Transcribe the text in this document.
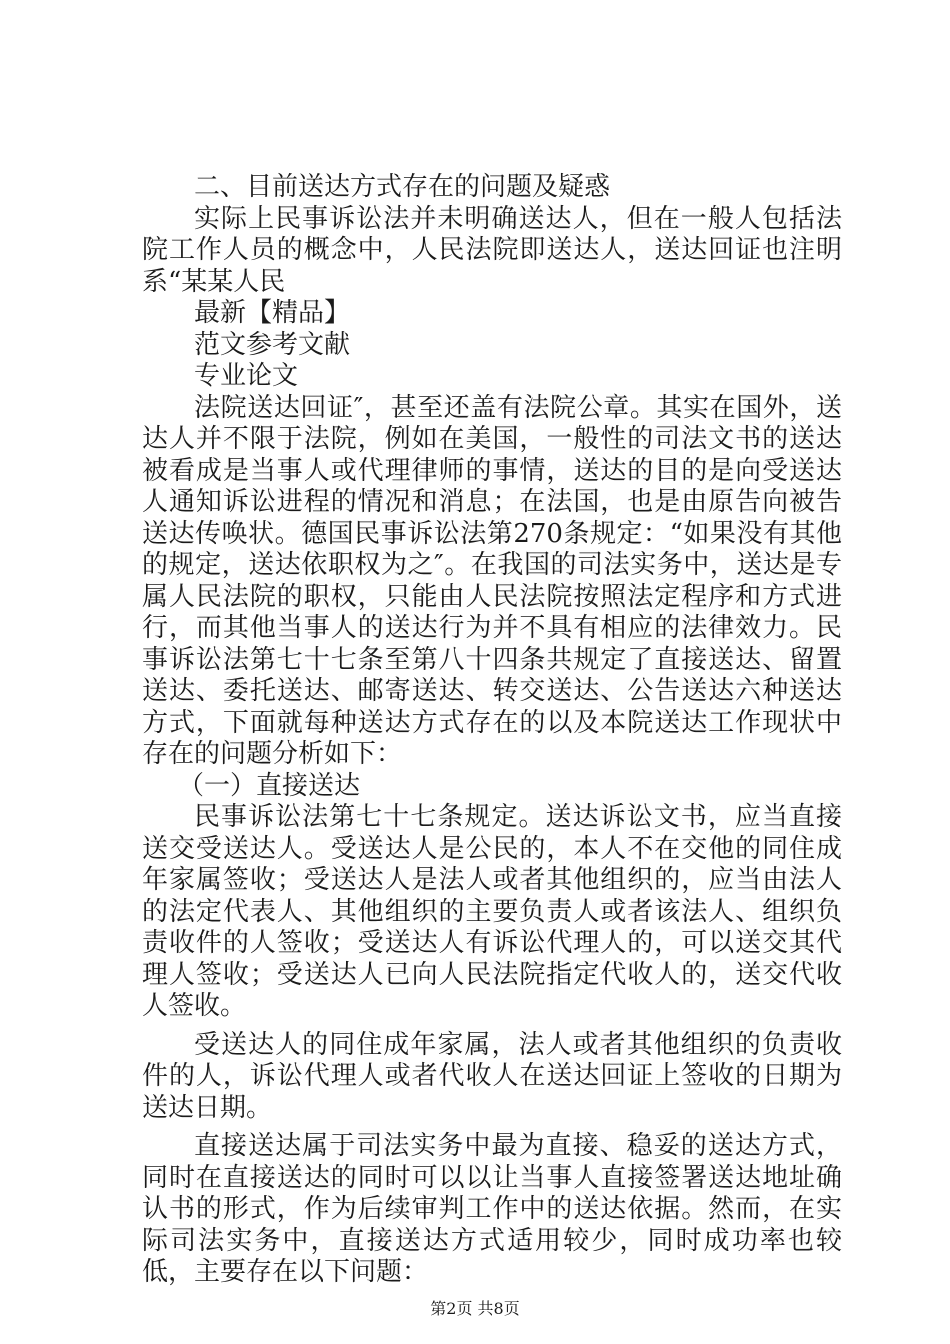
二、目前送达方式存在的问题及疑惑

实际上民事诉讼法并未明确送达人，但在一般人包括法院工作人员的概念中，人民法院即送达人，送达回证也注明系“某某人民

最新【精品】

范文参考文献

专业论文

法院送达回证″，甚至还盖有法院公章。其实在国外，送达人并不限于法院，例如在美国，一般性的司法文书的送达被看成是当事人或代理律师的事情，送达的目的是向受送达人通知诉讼进程的情况和消息；在法国，也是由原告向被告送达传唤状。德国民事诉讼法第270条规定：“如果没有其他的规定，送达依职权为之″。在我国的司法实务中，送达是专属人民法院的职权，只能由人民法院按照法定程序和方式进行，而其他当事人的送达行为并不具有相应的法律效力。民事诉讼法第七十七条至第八十四条共规定了直接送达、留置送达、委托送达、邮寄送达、转交送达、公告送达六种送达方式，下面就每种送达方式存在的以及本院送达工作现状中存在的问题分析如下：

（一）直接送达

民事诉讼法第七十七条规定。送达诉讼文书，应当直接送交受送达人。受送达人是公民的，本人不在交他的同住成年家属签收；受送达人是法人或者其他组织的，应当由法人的法定代表人、其他组织的主要负责人或者该法人、组织负责收件的人签收；受送达人有诉讼代理人的，可以送交其代理人签收；受送达人已向人民法院指定代收人的，送交代收人签收。

受送达人的同住成年家属，法人或者其他组织的负责收件的人，诉讼代理人或者代收人在送达回证上签收的日期为送达日期。

直接送达属于司法实务中最为直接、稳妥的送达方式，同时在直接送达的同时可以以让当事人直接签署送达地址确认书的形式，作为后续审判工作中的送达依据。然而，在实际司法实务中，直接送达方式适用较少，同时成功率也较低，主要存在以下问题：

第2页 共8页
